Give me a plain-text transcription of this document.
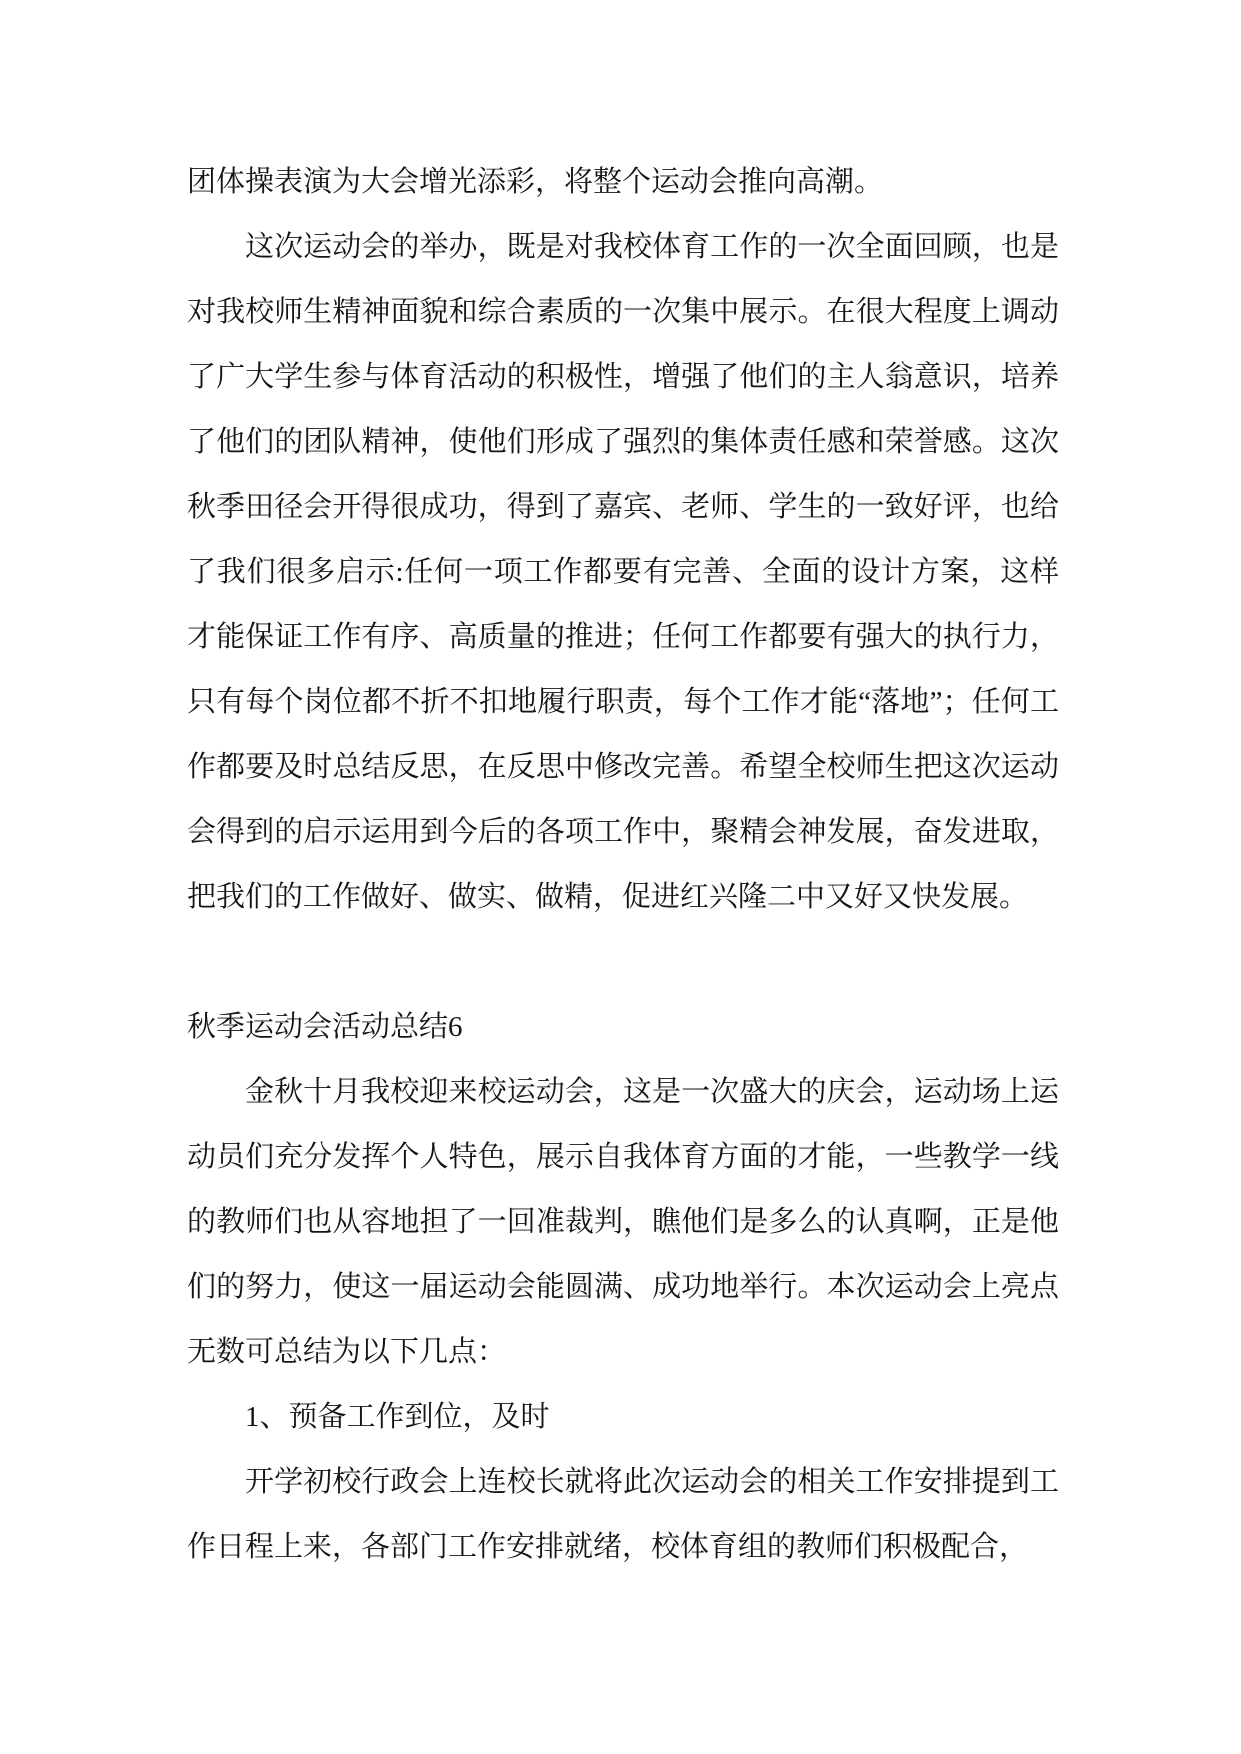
团体操表演为大会增光添彩，将整个运动会推向高潮。

这次运动会的举办，既是对我校体育工作的一次全面回顾，也是对我校师生精神面貌和综合素质的一次集中展示。在很大程度上调动了广大学生参与体育活动的积极性，增强了他们的主人翁意识，培养了他们的团队精神，使他们形成了强烈的集体责任感和荣誉感。这次秋季田径会开得很成功，得到了嘉宾、老师、学生的一致好评，也给了我们很多启示:任何一项工作都要有完善、全面的设计方案，这样才能保证工作有序、高质量的推进；任何工作都要有强大的执行力，只有每个岗位都不折不扣地履行职责，每个工作才能“落地”；任何工作都要及时总结反思，在反思中修改完善。希望全校师生把这次运动会得到的启示运用到今后的各项工作中，聚精会神发展，奋发进取，把我们的工作做好、做实、做精，促进红兴隆二中又好又快发展。

秋季运动会活动总结6

金秋十月我校迎来校运动会，这是一次盛大的庆会，运动场上运动员们充分发挥个人特色，展示自我体育方面的才能，一些教学一线的教师们也从容地担了一回准裁判，瞧他们是多么的认真啊，正是他们的努力，使这一届运动会能圆满、成功地举行。本次运动会上亮点无数可总结为以下几点：

1、预备工作到位，及时

开学初校行政会上连校长就将此次运动会的相关工作安排提到工作日程上来，各部门工作安排就绪，校体育组的教师们积极配合，
